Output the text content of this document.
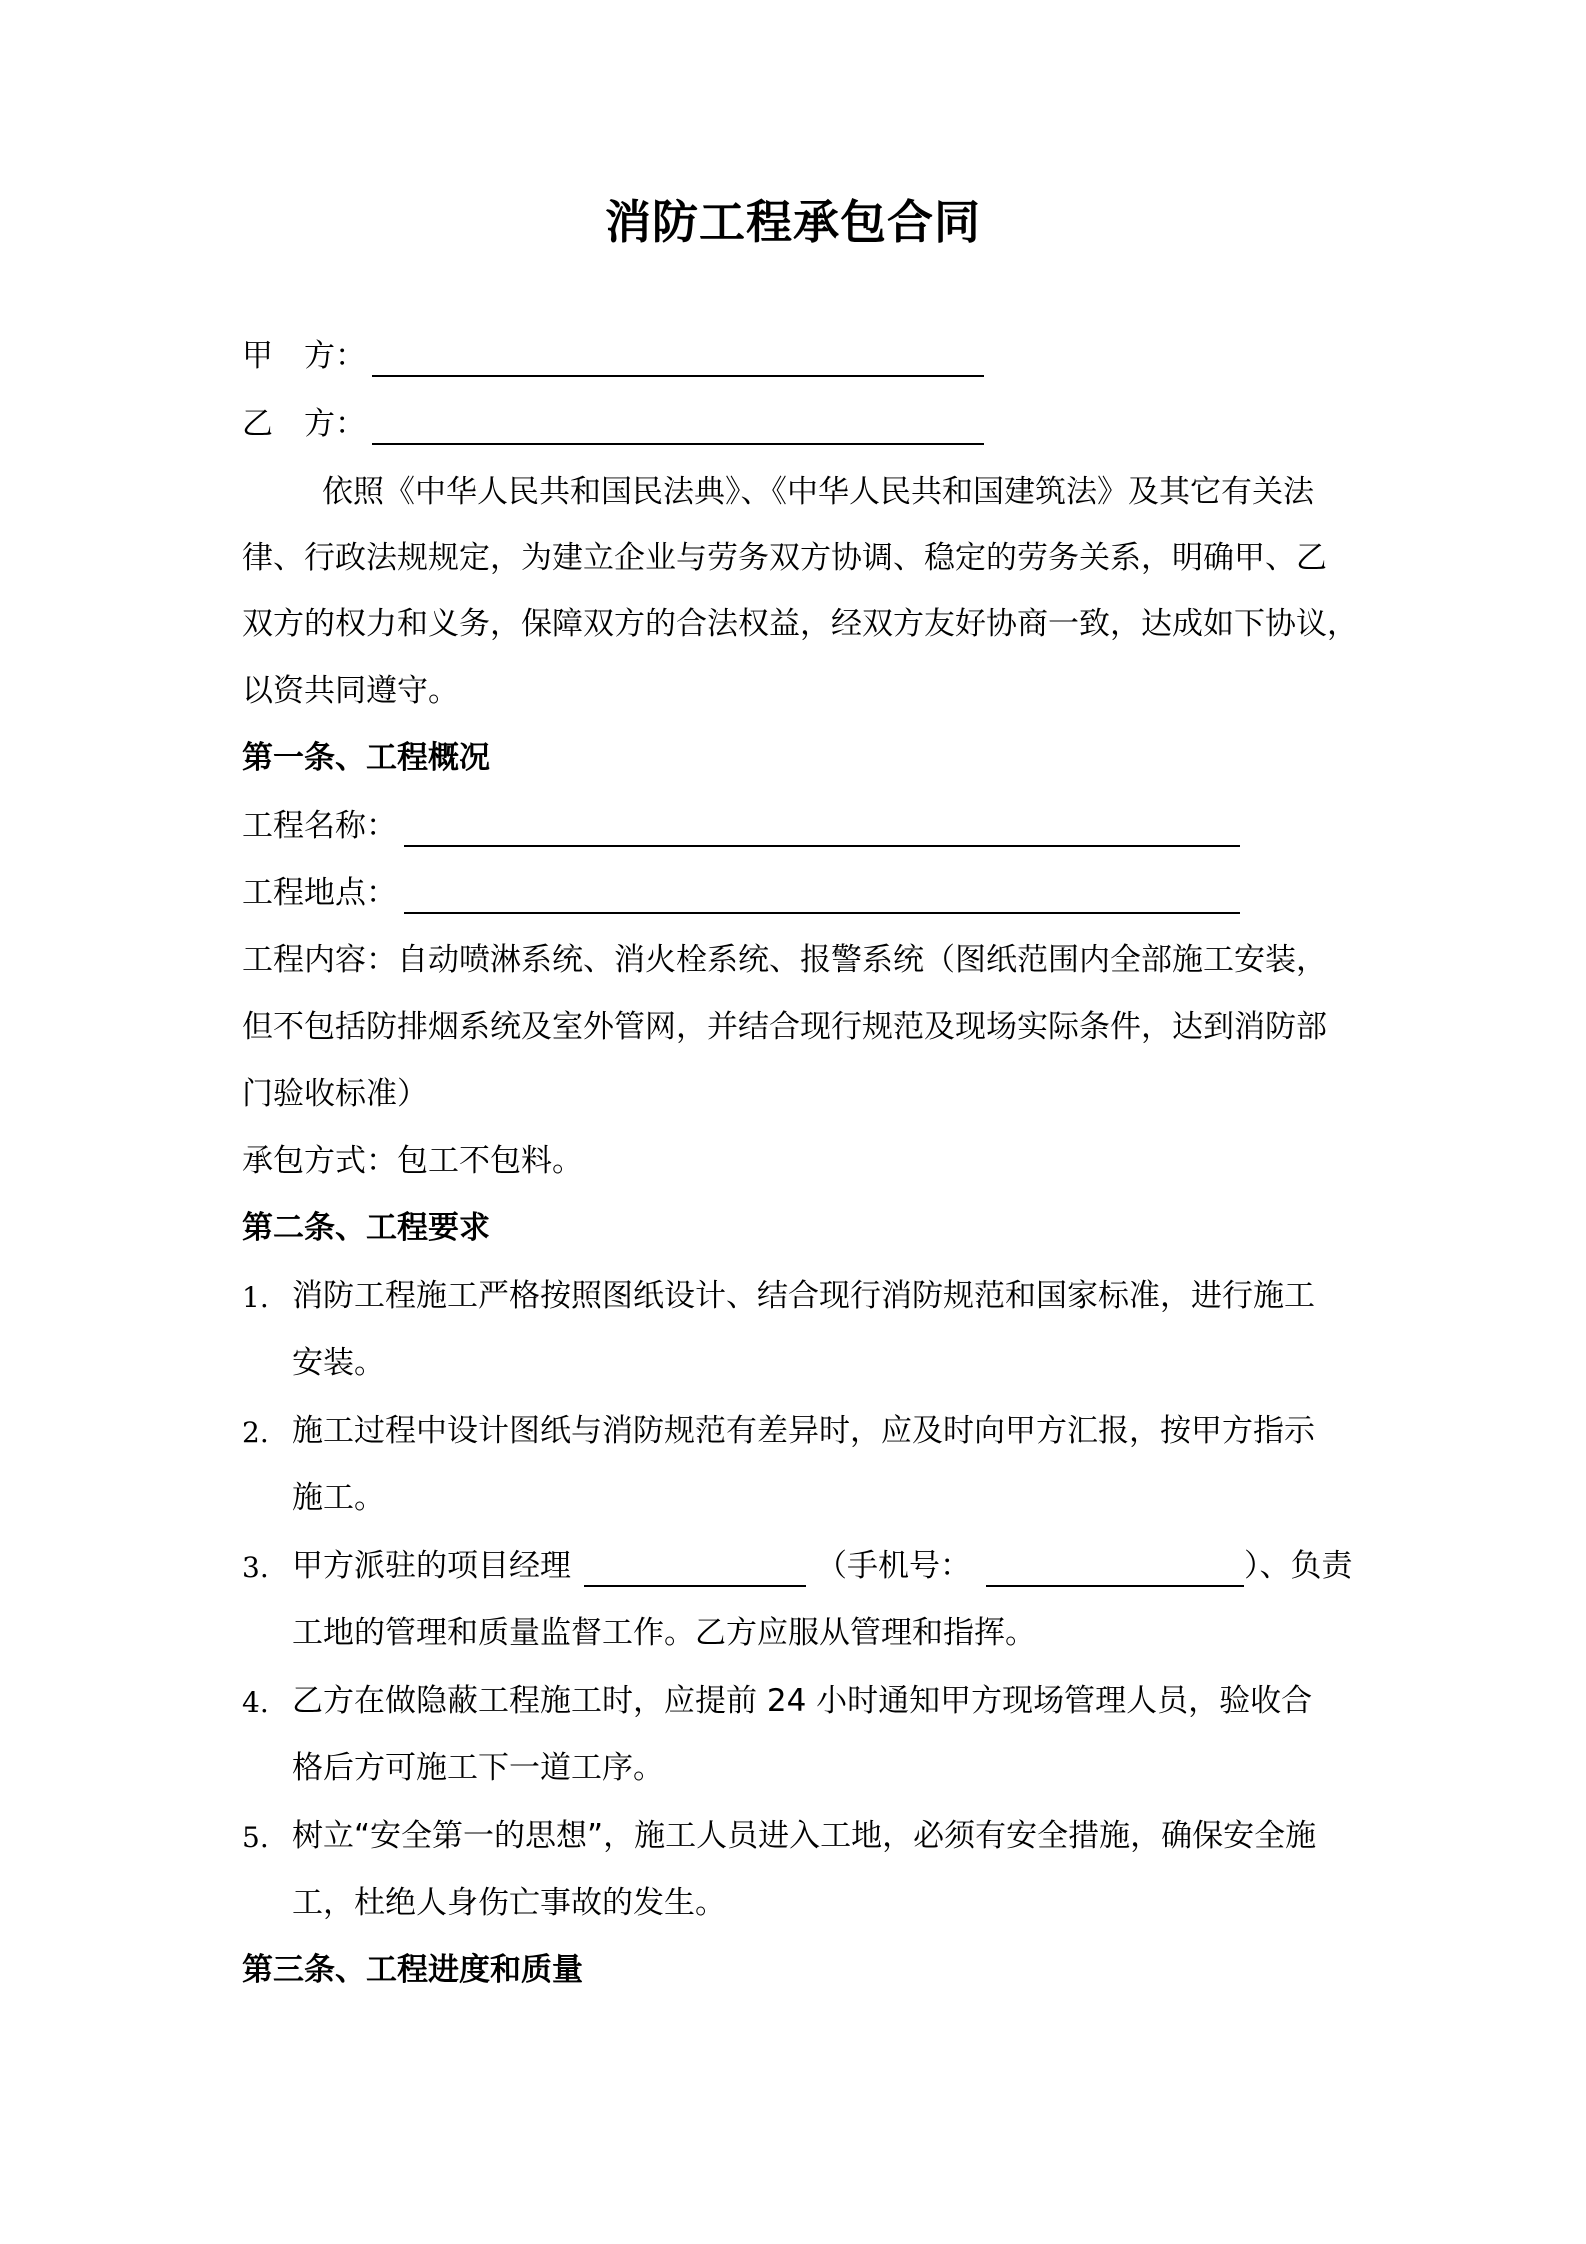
消防工程承包合同
甲　方：
乙　方：
依照《中华人民共和国民法典》、《中华人民共和国建筑法》及其它有关法
律、行政法规规定，为建立企业与劳务双方协调、稳定的劳务关系，明确甲、乙
双方的权力和义务，保障双方的合法权益，经双方友好协商一致，达成如下协议，
以资共同遵守。
第一条、工程概况
工程名称：
工程地点：
工程内容：自动喷淋系统、消火栓系统、报警系统（图纸范围内全部施工安装，
但不包括防排烟系统及室外管网，并结合现行规范及现场实际条件，达到消防部
门验收标准）
承包方式：包工不包料。
第二条、工程要求
1. 消防工程施工严格按照图纸设计、结合现行消防规范和国家标准，进行施工
安装。
2. 施工过程中设计图纸与消防规范有差异时，应及时向甲方汇报，按甲方指示
施工。
3. 甲方派驻的项目经理	（手机号：	）、负责
工地的管理和质量监督工作。乙方应服从管理和指挥。
4. 乙方在做隐蔽工程施工时，应提前 24 小时通知甲方现场管理人员，验收合
格后方可施工下一道工序。
5. 树立“安全第一的思想”，施工人员进入工地，必须有安全措施，确保安全施
工，杜绝人身伤亡事故的发生。
第三条、工程进度和质量
